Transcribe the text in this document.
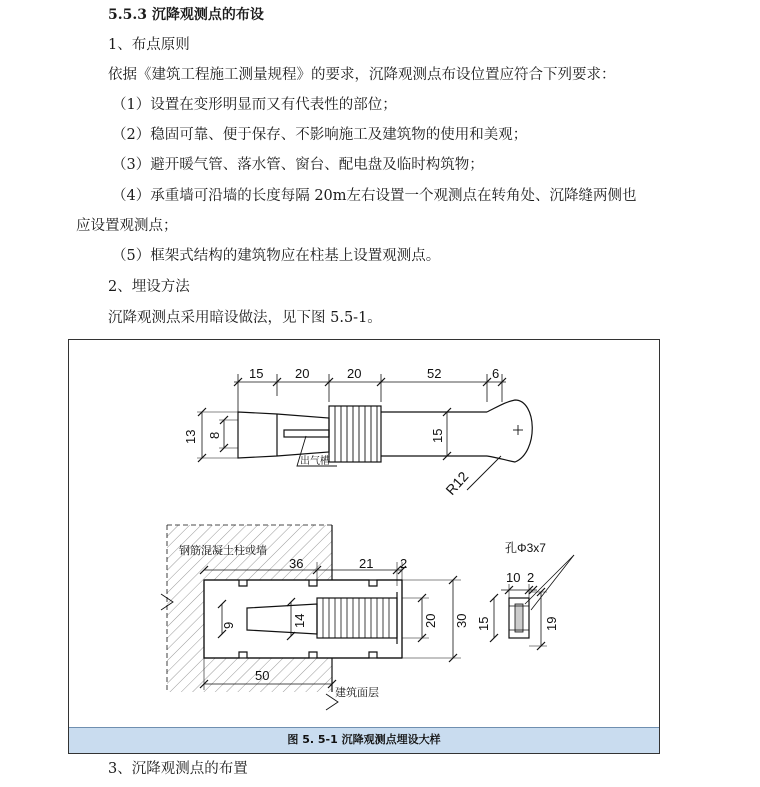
5.5.3 沉降观测点的布设
1、布点原则
依据《建筑工程施工测量规程》的要求，沉降观测点布设位置应符合下列要求：
（1）设置在变形明显而又有代表性的部位；
（2）稳固可靠、便于保存、不影响施工及建筑物的使用和美观；
（3）避开暖气管、落水管、窗台、配电盘及临时构筑物；
（4）承重墙可沿墙的长度每隔 20m左右设置一个观测点在转角处、沉降缝两侧也
应设置观测点；
（5）框架式结构的建筑物应在柱基上设置观测点。
2、埋设方法
沉降观测点采用暗设做法，见下图 5.5-1。
15 20	20	52	6
13 8	15
R12
出气槽
钢筋混凝土柱或墙
36	21 2
9	14	20 30
50
建筑面层
孔Φ3x7
10 2
15	19
图 5. 5-1 沉降观测点埋设大样
3、沉降观测点的布置
